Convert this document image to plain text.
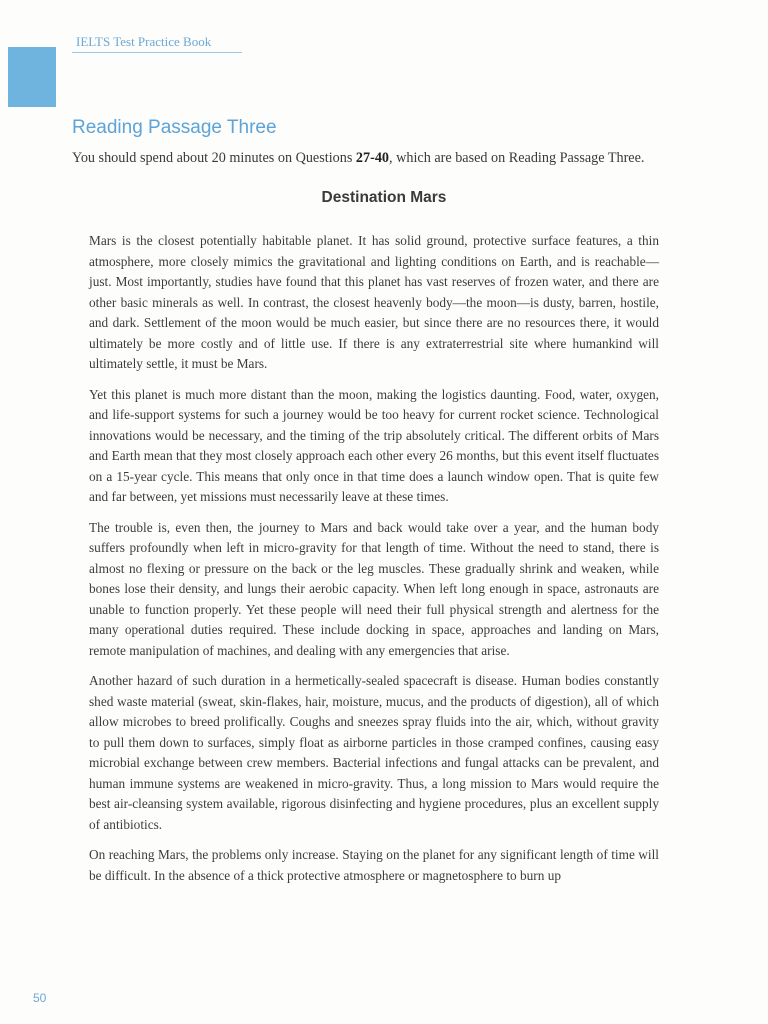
IELTS Test Practice Book
Reading Passage Three
You should spend about 20 minutes on Questions 27-40, which are based on Reading Passage Three.
Destination Mars

Mars is the closest potentially habitable planet. It has solid ground, protective surface features, a thin atmosphere, more closely mimics the gravitational and lighting conditions on Earth, and is reachable—just. Most importantly, studies have found that this planet has vast reserves of frozen water, and there are other basic minerals as well. In contrast, the closest heavenly body—the moon—is dusty, barren, hostile, and dark. Settlement of the moon would be much easier, but since there are no resources there, it would ultimately be more costly and of little use. If there is any extraterrestrial site where humankind will ultimately settle, it must be Mars.

Yet this planet is much more distant than the moon, making the logistics daunting. Food, water, oxygen, and life-support systems for such a journey would be too heavy for current rocket science. Technological innovations would be necessary, and the timing of the trip absolutely critical. The different orbits of Mars and Earth mean that they most closely approach each other every 26 months, but this event itself fluctuates on a 15-year cycle. This means that only once in that time does a launch window open. That is quite few and far between, yet missions must necessarily leave at these times.

The trouble is, even then, the journey to Mars and back would take over a year, and the human body suffers profoundly when left in micro-gravity for that length of time. Without the need to stand, there is almost no flexing or pressure on the back or the leg muscles. These gradually shrink and weaken, while bones lose their density, and lungs their aerobic capacity. When left long enough in space, astronauts are unable to function properly. Yet these people will need their full physical strength and alertness for the many operational duties required. These include docking in space, approaches and landing on Mars, remote manipulation of machines, and dealing with any emergencies that arise.

Another hazard of such duration in a hermetically-sealed spacecraft is disease. Human bodies constantly shed waste material (sweat, skin-flakes, hair, moisture, mucus, and the products of digestion), all of which allow microbes to breed prolifically. Coughs and sneezes spray fluids into the air, which, without gravity to pull them down to surfaces, simply float as airborne particles in those cramped confines, causing easy microbial exchange between crew members. Bacterial infections and fungal attacks can be prevalent, and human immune systems are weakened in micro-gravity. Thus, a long mission to Mars would require the best air-cleansing system available, rigorous disinfecting and hygiene procedures, plus an excellent supply of antibiotics.

On reaching Mars, the problems only increase. Staying on the planet for any significant length of time will be difficult. In the absence of a thick protective atmosphere or magnetosphere to burn up

50
